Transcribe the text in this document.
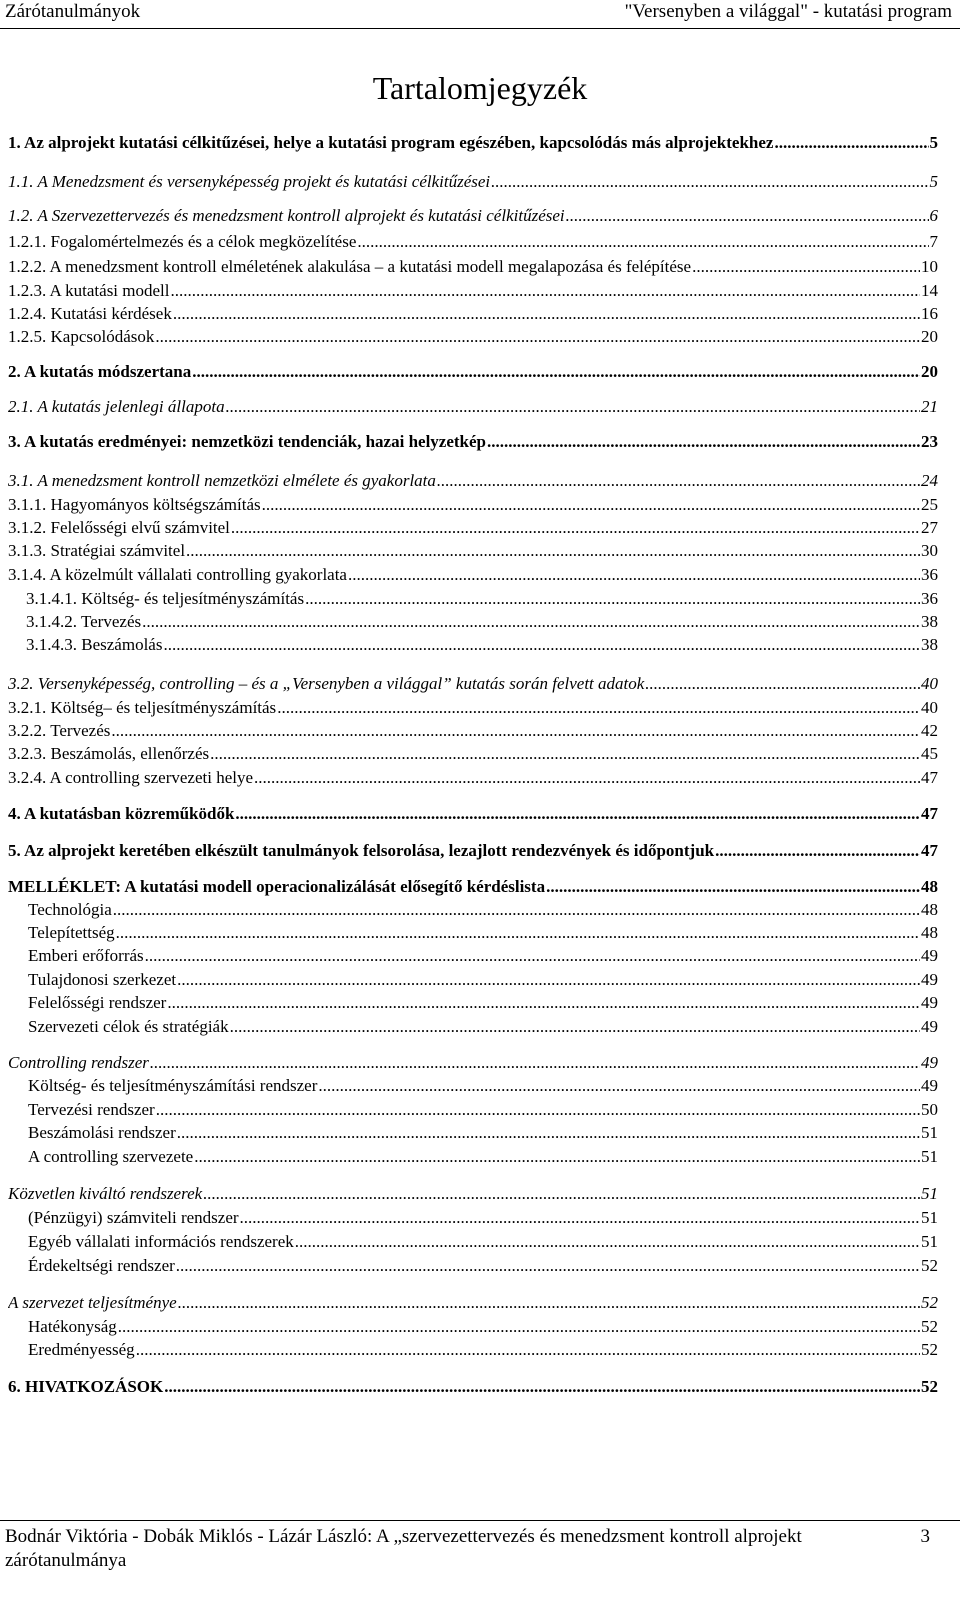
Zárótanulmányok	"Versenyben a világgal" - kutatási program
Tartalomjegyzék
1. Az alprojekt kutatási célkitűzései, helye a kutatási program egészében, kapcsolódás más alprojektekhez .....	5
1.1. A Menedzsment és versenyképesség projekt és kutatási célkitűzései .....	5
1.2. A Szervezettervezés és menedzsment kontroll alprojekt és kutatási célkitűzései .....	6
1.2.1. Fogalomértelmezés és a célok megközelítése .....	7
1.2.2. A menedzsment kontroll elméletének alakulása – a kutatási modell megalapozása és felépítése .....	10
1.2.3. A kutatási modell .....	14
1.2.4. Kutatási kérdések .....	16
1.2.5. Kapcsolódások .....	20
2. A kutatás módszertana .....	20
2.1. A kutatás jelenlegi állapota .....	21
3. A kutatás eredményei: nemzetközi tendenciák, hazai helyzetkép .....	23
3.1. A menedzsment kontroll nemzetközi elmélete és gyakorlata .....	24
3.1.1. Hagyományos költségszámítás .....	25
3.1.2. Felelősségi elvű számvitel .....	27
3.1.3. Stratégiai számvitel .....	30
3.1.4. A közelmúlt vállalati controlling gyakorlata .....	36
3.1.4.1. Költség- és teljesítményszámítás .....	36
3.1.4.2. Tervezés .....	38
3.1.4.3. Beszámolás .....	38
3.2. Versenyképesség, controlling – és a „Versenyben a világgal” kutatás során felvett adatok .....	40
3.2.1. Költség– és teljesítményszámítás .....	40
3.2.2. Tervezés .....	42
3.2.3. Beszámolás, ellenőrzés .....	45
3.2.4. A controlling szervezeti helye .....	47
4. A kutatásban közreműködők .....	47
5. Az alprojekt keretében elkészült tanulmányok felsorolása, lezajlott rendezvények és időpontjuk .....	47
MELLÉKLET: A kutatási modell operacionalizálását elősegítő kérdéslista .....	48
Technológia .....	48
Telepítettség .....	48
Emberi erőforrás .....	49
Tulajdonosi szerkezet .....	49
Felelősségi rendszer .....	49
Szervezeti célok és stratégiák .....	49
Controlling rendszer .....	49
Költség- és teljesítményszámítási rendszer .....	49
Tervezési rendszer .....	50
Beszámolási rendszer .....	51
A controlling szervezete .....	51
Közvetlen kiváltó rendszerek .....	51
(Pénzügyi) számviteli rendszer .....	51
Egyéb vállalati információs rendszerek .....	51
Érdekeltségi rendszer .....	52
A szervezet teljesítménye .....	52
Hatékonyság .....	52
Eredményesség .....	52
6. HIVATKOZÁSOK .....	52
Bodnár Viktória - Dobák Miklós - Lázár László: A „szervezettervezés és menedzsment kontroll alprojekt zárótanulmánya
3
